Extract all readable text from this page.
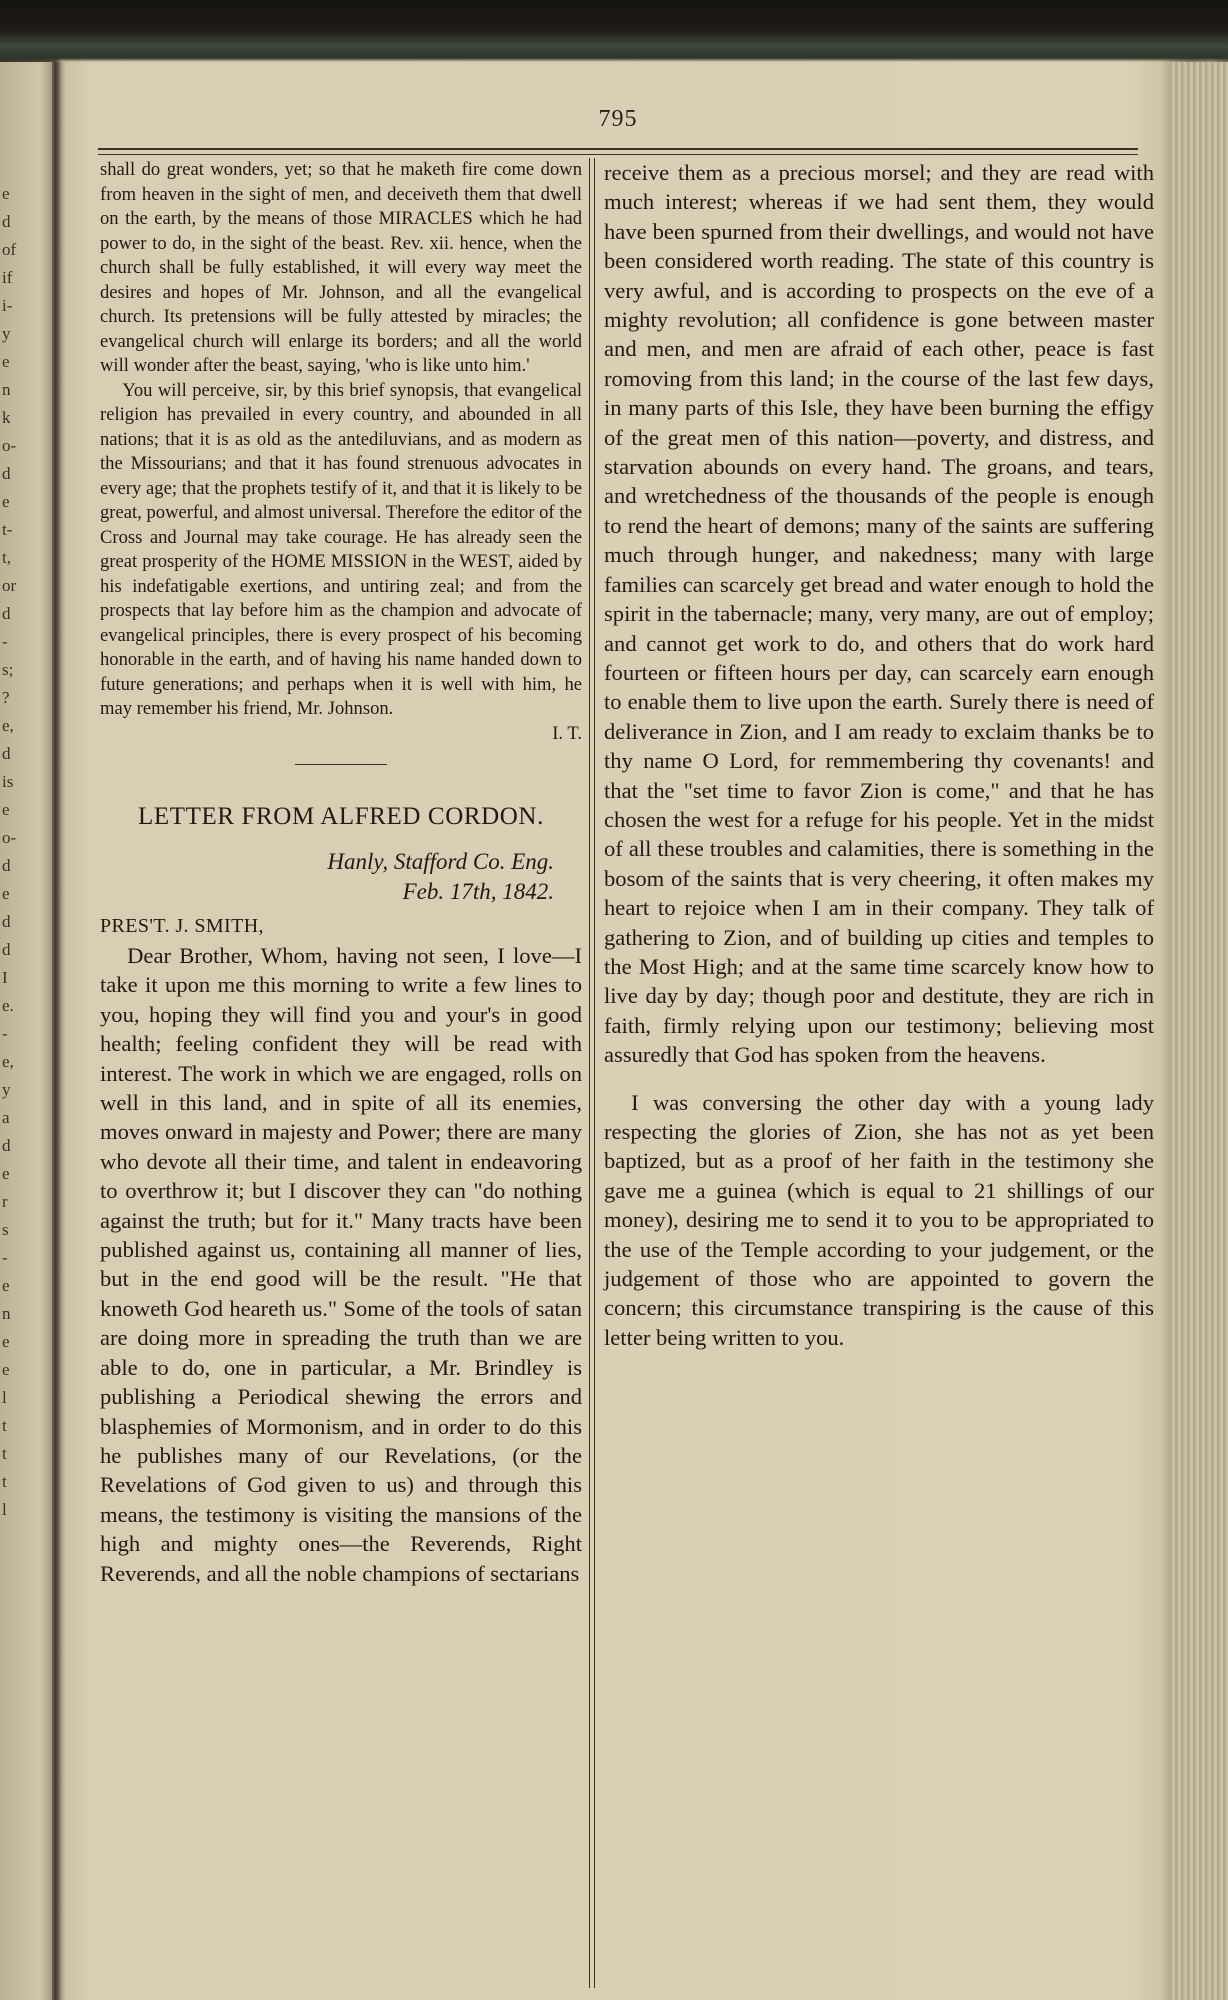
e
d
of
if
i-
y
e
n
k
o-
d
e
t-
t,
or
d
-
s;
?
e,
d
is
e
o-
d
e
d
d
I
e.
-
e,
y
a
d
e
r
s
-
e
n
e
e
l
t
t
t
l
795

shall do great wonders, yet; so that he maketh fire come down from heaven in the sight of men, and deceiveth them that dwell on the earth, by the means of those MIRACLES which he had power to do, in the sight of the beast. Rev. xii. hence, when the church shall be fully established, it will every way meet the desires and hopes of Mr. Johnson, and all the evangelical church. Its pretensions will be fully attested by miracles; the evangelical church will enlarge its borders; and all the world will wonder after the beast, saying, 'who is like unto him.'

You will perceive, sir, by this brief synopsis, that evangelical religion has prevailed in every country, and abounded in all nations; that it is as old as the antediluvians, and as modern as the Missourians; and that it has found strenuous advocates in every age; that the prophets testify of it, and that it is likely to be great, powerful, and almost universal. Therefore the editor of the Cross and Journal may take courage. He has already seen the great prosperity of the HOME MISSION in the WEST, aided by his indefatigable exertions, and untiring zeal; and from the prospects that lay before him as the champion and advocate of evangelical principles, there is every prospect of his becoming honorable in the earth, and of having his name handed down to future generations; and perhaps when it is well with him, he may remember his friend, Mr. Johnson.

I. T.

LETTER FROM ALFRED CORDON.
Hanly, Stafford Co. Eng.
Feb. 17th, 1842.
PRES'T. J. SMITH,

Dear Brother, Whom, having not seen, I love—I take it upon me this morning to write a few lines to you, hoping they will find you and your's in good health; feeling confident they will be read with interest. The work in which we are engaged, rolls on well in this land, and in spite of all its enemies, moves onward in majesty and Power; there are many who devote all their time, and talent in endeavoring to overthrow it; but I discover they can "do nothing against the truth; but for it." Many tracts have been published against us, containing all manner of lies, but in the end good will be the result. "He that knoweth God heareth us." Some of the tools of satan are doing more in spreading the truth than we are able to do, one in particular, a Mr. Brindley is publishing a Periodical shewing the errors and blasphemies of Mormonism, and in order to do this he publishes many of our Revelations, (or the Revelations of God given to us) and through this means, the testimony is visiting the mansions of the high and mighty ones—the Reverends, Right Reverends, and all the noble champions of sectarians

receive them as a precious morsel; and they are read with much interest; whereas if we had sent them, they would have been spurned from their dwellings, and would not have been considered worth reading. The state of this country is very awful, and is according to prospects on the eve of a mighty revolution; all confidence is gone between master and men, and men are afraid of each other, peace is fast romoving from this land; in the course of the last few days, in many parts of this Isle, they have been burning the effigy of the great men of this nation—poverty, and distress, and starvation abounds on every hand. The groans, and tears, and wretchedness of the thousands of the people is enough to rend the heart of demons; many of the saints are suffering much through hunger, and nakedness; many with large families can scarcely get bread and water enough to hold the spirit in the tabernacle; many, very many, are out of employ; and cannot get work to do, and others that do work hard fourteen or fifteen hours per day, can scarcely earn enough to enable them to live upon the earth. Surely there is need of deliverance in Zion, and I am ready to exclaim thanks be to thy name O Lord, for remmembering thy covenants! and that the "set time to favor Zion is come," and that he has chosen the west for a refuge for his people. Yet in the midst of all these troubles and calamities, there is something in the bosom of the saints that is very cheering, it often makes my heart to rejoice when I am in their company. They talk of gathering to Zion, and of building up cities and temples to the Most High; and at the same time scarcely know how to live day by day; though poor and destitute, they are rich in faith, firmly relying upon our testimony; believing most assuredly that God has spoken from the heavens.

I was conversing the other day with a young lady respecting the glories of Zion, she has not as yet been baptized, but as a proof of her faith in the testimony she gave me a guinea (which is equal to 21 shillings of our money), desiring me to send it to you to be appropriated to the use of the Temple according to your judgement, or the judgement of those who are appointed to govern the concern; this circumstance transpiring is the cause of this letter being written to you.
